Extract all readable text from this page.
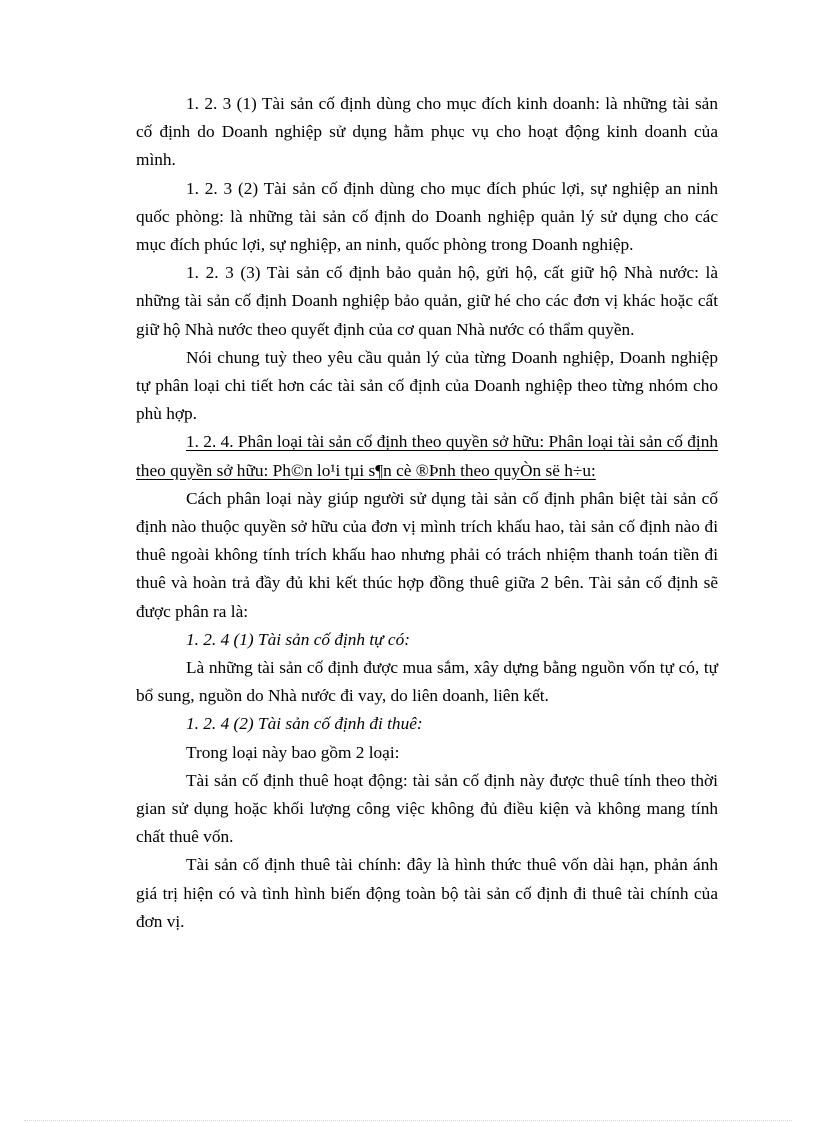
1. 2. 3 (1) Tài sản cố định dùng cho mục đích kinh doanh: là những tài sản cố định do Doanh nghiệp sử dụng hằm phục vụ cho hoạt động kinh doanh của mình.

1. 2. 3 (2) Tài sản cố định dùng cho mục đích phúc lợi, sự nghiệp an ninh quốc phòng: là những tài sản cố định do Doanh nghiệp quản lý sử dụng cho các mục đích phúc lợi, sự nghiệp, an ninh, quốc phòng trong Doanh nghiệp.

1. 2. 3 (3) Tài sản cố định bảo quản hộ, gửi hộ, cất giữ hộ Nhà nước: là những tài sản cố định Doanh nghiệp bảo quản, giữ hé cho các đơn vị khác hoặc cất giữ hộ Nhà nước theo quyết định của cơ quan Nhà nước có thẩm quyền.

Nói chung tuỳ theo yêu cầu quản lý của từng Doanh nghiệp, Doanh nghiệp tự phân loại chi tiết hơn các tài sản cố định của Doanh nghiệp theo từng nhóm cho phù hợp.

1. 2. 4. Phân loại tài sản cố định theo quyền sở hữu: Phân loại tài sản cố định theo quyền sở hữu: Ph©n lo¹i tµi s¶n cè ®Þnh theo quyÒn së h÷u:

Cách phân loại này giúp người sử dụng tài sản cố định phân biệt tài sản cố định nào thuộc quyền sở hữu của đơn vị mình trích khấu hao, tài sản cố định nào đi thuê ngoài không tính trích khấu hao nhưng phải có trách nhiệm thanh toán tiền đi thuê và hoàn trả đầy đủ khi kết thúc hợp đồng thuê giữa 2 bên. Tài sản cố định sẽ được phân ra là:

1. 2. 4 (1) Tài sản cố định tự có:

Là những tài sản cố định được mua sắm, xây dựng bằng nguồn vốn tự có, tự bổ sung, nguồn do Nhà nước đi vay, do liên doanh, liên kết.

1. 2. 4 (2) Tài sản cố định đi thuê:

Trong loại này bao gồm 2 loại:

Tài sản cố định thuê hoạt động: tài sản cố định này được thuê tính theo thời gian sử dụng hoặc khối lượng công việc không đủ điều kiện và không mang tính chất thuê vốn.

Tài sản cố định thuê tài chính: đây là hình thức thuê vốn dài hạn, phản ánh giá trị hiện có và tình hình biến động toàn bộ tài sản cố định đi thuê tài chính của đơn vị.
